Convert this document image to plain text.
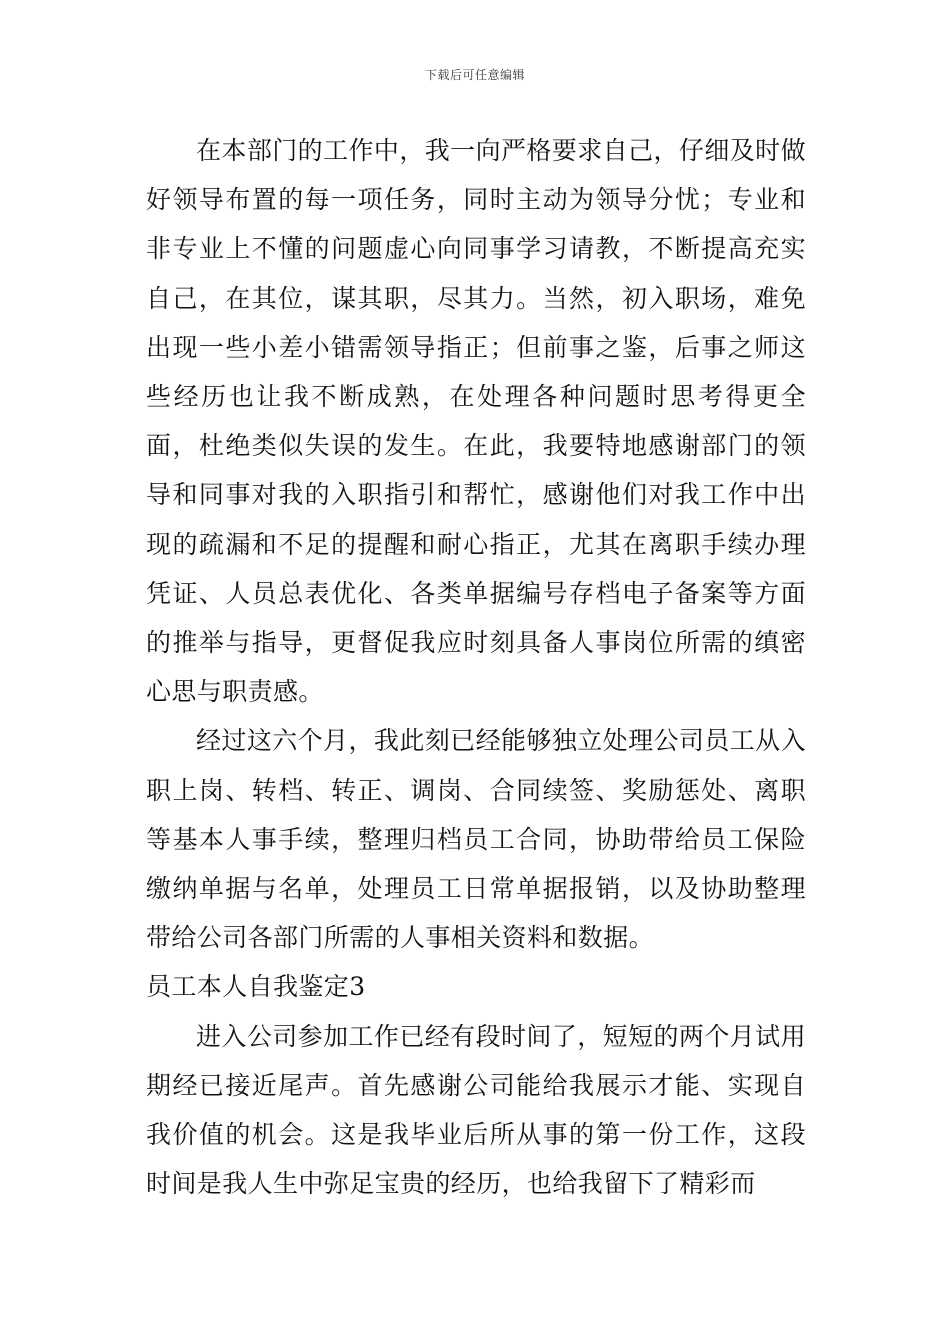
下载后可任意编辑

在本部门的工作中，我一向严格要求自己，仔细及时做好领导布置的每一项任务，同时主动为领导分忧；专业和非专业上不懂的问题虚心向同事学习请教，不断提高充实自己，在其位，谋其职，尽其力。当然，初入职场，难免出现一些小差小错需领导指正；但前事之鉴，后事之师这些经历也让我不断成熟，在处理各种问题时思考得更全面，杜绝类似失误的发生。在此，我要特地感谢部门的领导和同事对我的入职指引和帮忙，感谢他们对我工作中出现的疏漏和不足的提醒和耐心指正，尤其在离职手续办理凭证、人员总表优化、各类单据编号存档电子备案等方面的推举与指导，更督促我应时刻具备人事岗位所需的缜密心思与职责感。

经过这六个月，我此刻已经能够独立处理公司员工从入职上岗、转档、转正、调岗、合同续签、奖励惩处、离职等基本人事手续，整理归档员工合同，协助带给员工保险缴纳单据与名单，处理员工日常单据报销，以及协助整理带给公司各部门所需的人事相关资料和数据。

员工本人自我鉴定3

进入公司参加工作已经有段时间了，短短的两个月试用期经已接近尾声。首先感谢公司能给我展示才能、实现自我价值的机会。这是我毕业后所从事的第一份工作，这段时间是我人生中弥足宝贵的经历，也给我留下了精彩而
